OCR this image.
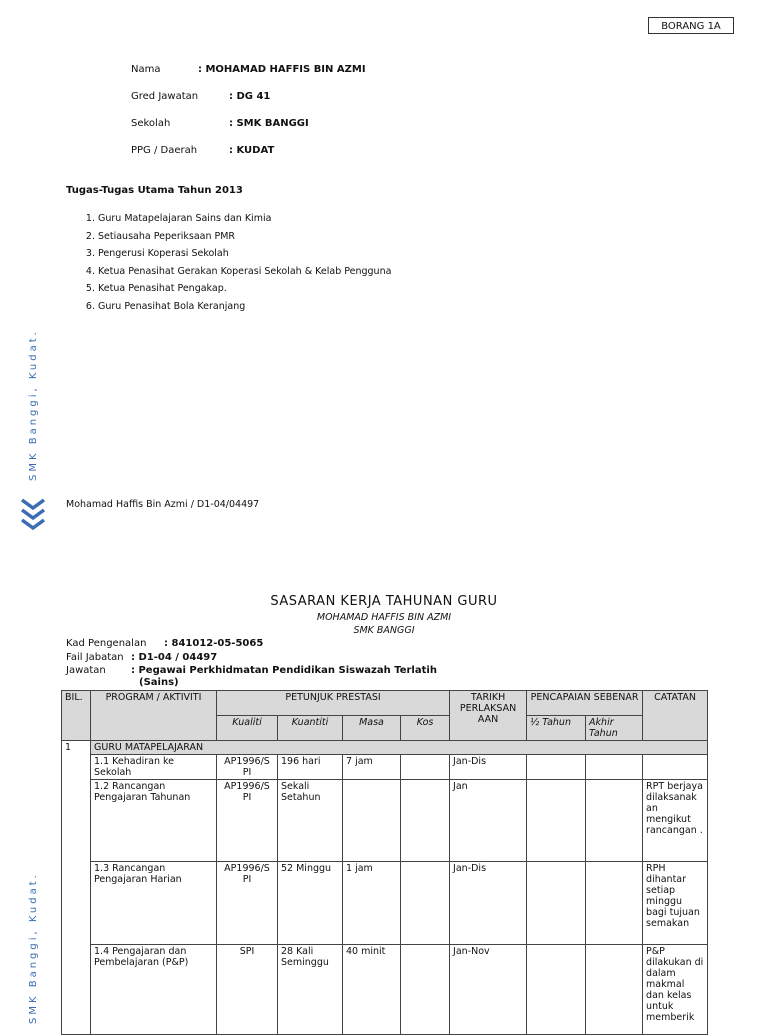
BORANG 1A
Nama	: MOHAMAD HAFFIS BIN AZMI
Gred Jawatan	: DG 41
Sekolah	: SMK BANGGI
PPG / Daerah	: KUDAT
Tugas-Tugas Utama Tahun 2013
1. Guru Matapelajaran Sains dan Kimia
2. Setiausaha Peperiksaan PMR
3. Pengerusi Koperasi Sekolah
4. Ketua Penasihat Gerakan Koperasi Sekolah & Kelab Pengguna
5. Ketua Penasihat Pengakap.
6. Guru Penasihat Bola Keranjang
SMK Banggi, Kudat.
Mohamad Haffis Bin Azmi / D1-04/04497
SASARAN KERJA TAHUNAN GURU
MOHAMAD HAFFIS BIN AZMI
SMK BANGGI
Kad Pengenalan : 841012-05-5065
Fail Jabatan : D1-04 / 04497
Jawatan	: Pegawai Perkhidmatan Pendidikan Siswazah Terlatih
(Sains)
BIL.	PROGRAM / AKTIVITI	PETUNJUK PRESTASI				TARIKH PERLAKSAN AAN	PENCAPAIAN SEBENAR		CATATAN
		Kualiti	Kuantiti	Masa	Kos		½ Tahun	Akhir Tahun	
1	GURU MATAPELAJARAN								
	1.1 Kehadiran ke Sekolah	AP1996/S PI	196 hari	7 jam		Jan-Dis			
	1.2 Rancangan Pengajaran Tahunan	AP1996/S PI	Sekali Setahun			Jan			RPT berjaya dilaksanak an mengikut rancangan .
	1.3 Rancangan Pengajaran Harian	AP1996/S PI	52 Minggu	1 jam		Jan-Dis			RPH dihantar setiap minggu bagi tujuan semakan
	1.4 Pengajaran dan Pembelajaran (P&P)	SPI	28 Kali Seminggu	40 minit		Jan-Nov			P&P dilakukan di dalam makmal dan kelas untuk memberik
SMK Banggi, Kudat.
